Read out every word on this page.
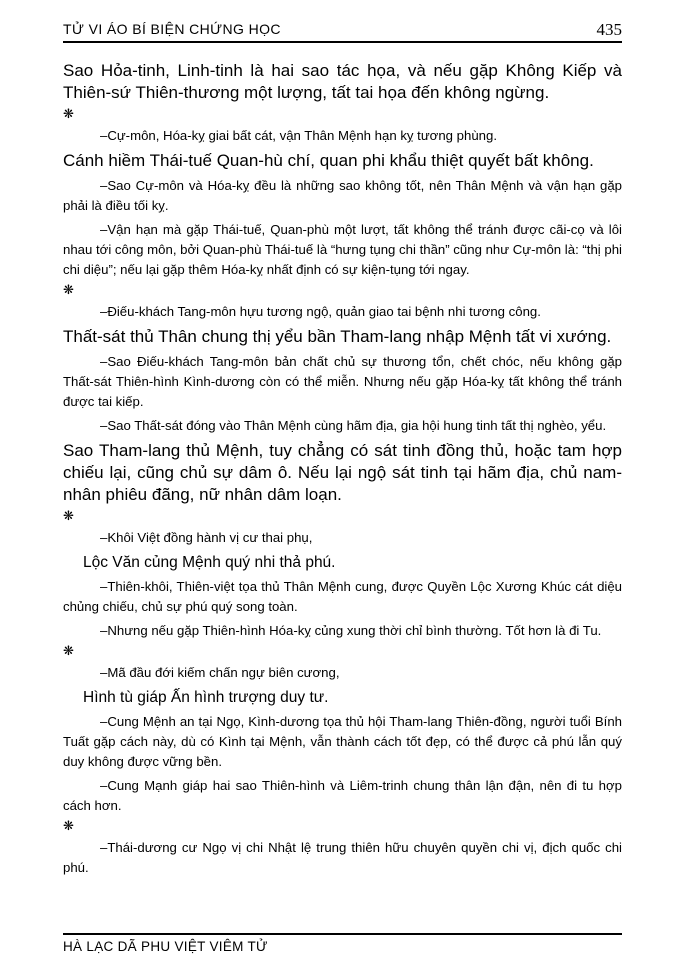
TỬ VI ÁO BÍ BIỆN CHỨNG HỌC	435

Sao Hỏa-tinh, Linh-tinh là hai sao tác họa, và nếu gặp Không Kiếp và Thiên-sứ Thiên-thương một lượng, tất tai họa đến không ngừng.

❋

–Cự-môn, Hóa-kỵ giai bất cát, vận Thân Mệnh hạn kỵ tương phùng.

Cánh hiềm Thái-tuế Quan-hù chí, quan phi khẩu thiệt quyết bất không.

–Sao Cự-môn và Hóa-kỵ đều là những sao không tốt, nên Thân Mệnh và vận hạn gặp phải là điều tối kỵ.

–Vận hạn mà gặp Thái-tuế, Quan-phù một lượt, tất không thể tránh được cãi-cọ và lôi nhau tới công môn, bởi Quan-phù Thái-tuế là “hưng tụng chi thần” cũng như Cự-môn là: “thị phi chi diệu”; nếu lại gặp thêm Hóa-kỵ nhất định có sự kiện-tụng tới ngay.

❋

–Điếu-khách Tang-môn hựu tương ngộ, quản giao tai bệnh nhi tương công.

Thất-sát thủ Thân chung thị yểu bần Tham-lang nhập Mệnh tất vi xướng.

–Sao Điếu-khách Tang-môn bản chất chủ sự thương tổn, chết chóc, nếu không gặp Thất-sát Thiên-hình Kình-dương còn có thể miễn. Nhưng nếu gặp Hóa-kỵ tất không thể tránh được tai kiếp.

–Sao Thất-sát đóng vào Thân Mệnh cùng hãm địa, gia hội hung tinh tất thị nghèo, yểu.

Sao Tham-lang thủ Mệnh, tuy chẳng có sát tinh đồng thủ, hoặc tam hợp chiếu lại, cũng chủ sự dâm ô. Nếu lại ngộ sát tinh tại hãm địa, chủ nam-nhân phiêu đãng, nữ nhân dâm loạn.

❋

–Khôi Việt đồng hành vị cư thai phụ,

Lộc Văn củng Mệnh quý nhi thả phú.

–Thiên-khôi, Thiên-việt tọa thủ Thân Mệnh cung, được Quyền Lộc Xương Khúc cát diệu chủng chiếu, chủ sự phú quý song toàn.

–Nhưng nếu gặp Thiên-hình Hóa-kỵ củng xung thời chỉ bình thường. Tốt hơn là đi Tu.

❋

–Mã đầu đới kiếm chấn ngự biên cương,

Hình tù giáp Ấn hình trượng duy tư.

–Cung Mệnh an tại Ngọ, Kình-dương tọa thủ hội Tham-lang Thiên-đồng, người tuổi Bính Tuất gặp cách này, dù có Kình tại Mệnh, vẫn thành cách tốt đẹp, có thể được cả phú lẫn quý duy không được vững bền.

–Cung Mạnh giáp hai sao Thiên-hình và Liêm-trinh chung thân lận đận, nên đi tu hợp cách hơn.

❋

–Thái-dương cư Ngọ vị chi Nhật lệ trung thiên hữu chuyên quyền chi vị, địch quốc chi phú.

HÀ LẠC DÃ PHU VIỆT VIÊM TỬ
